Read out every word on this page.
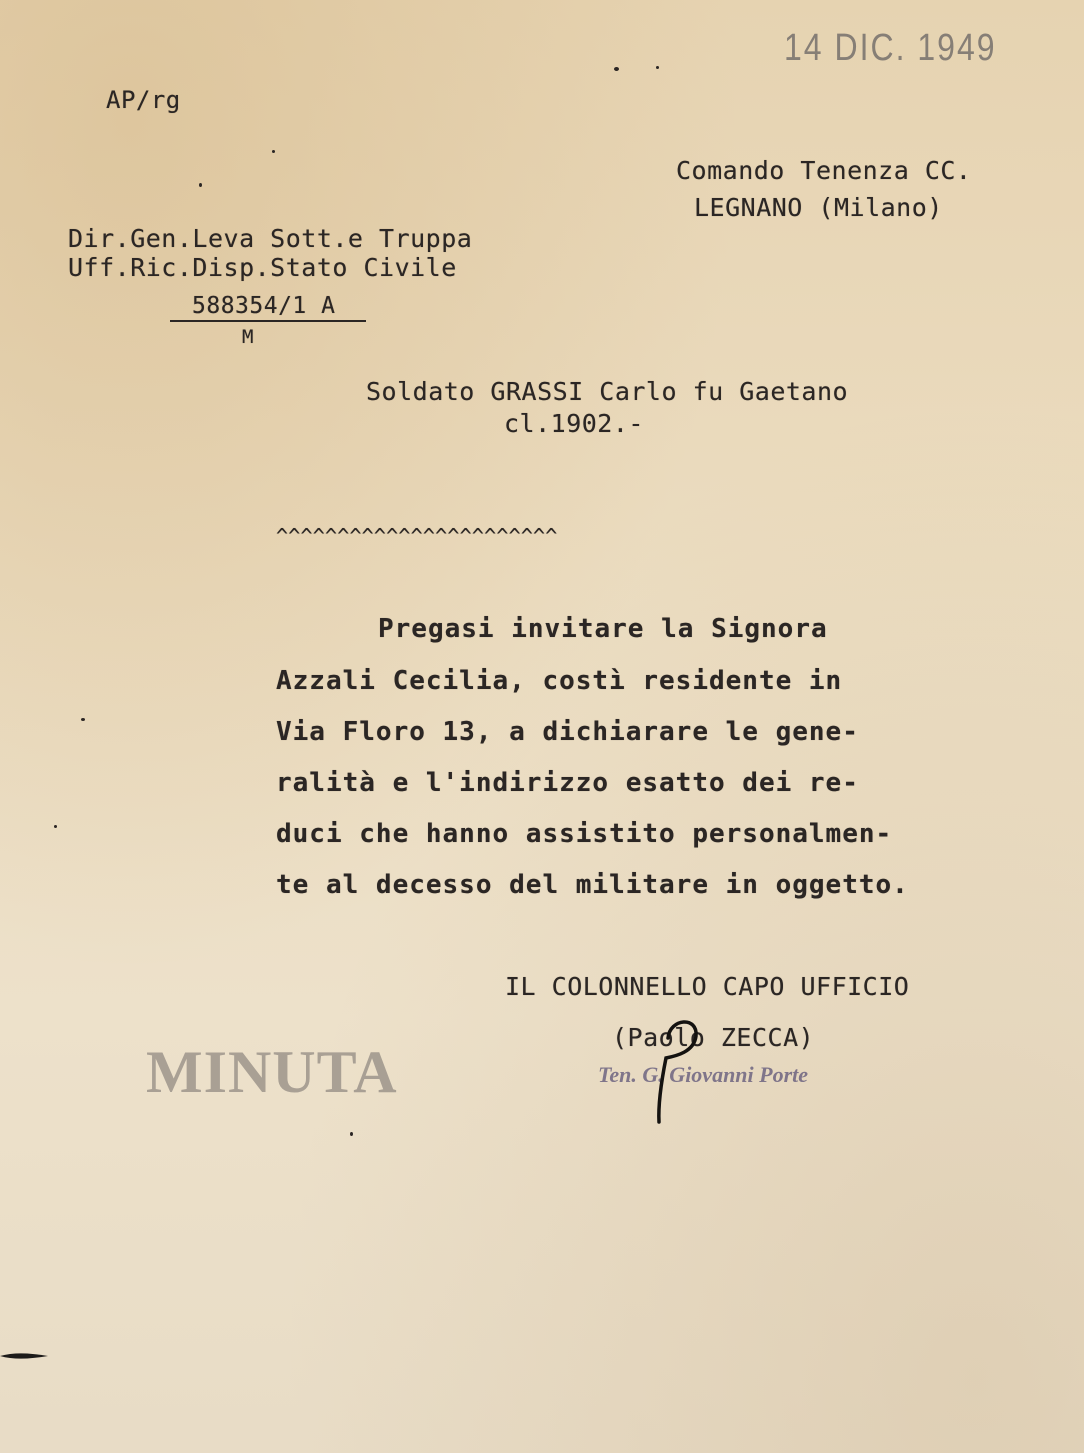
14 DIC. 1949

AP/rg

Comando Tenenza CC.

LEGNANO (Milano)

Dir.Gen.Leva Sott.e Truppa

Uff.Ric.Disp.Stato Civile

588354/1 A

M

Soldato GRASSI Carlo fu Gaetano

cl.1902.-

^^^^^^^^^^^^^^^^^^^^^^^

Pregasi invitare la Signora

Azzali Cecilia, costì residente in

Via Floro 13, a dichiarare le gene-

ralità e l'indirizzo esatto dei re-

duci che hanno assistito personalmen-

te al decesso del militare in oggetto.

IL COLONNELLO CAPO UFFICIO

(Paolo ZECCA)

MINUTA	Ten. G. Giovanni Porte
